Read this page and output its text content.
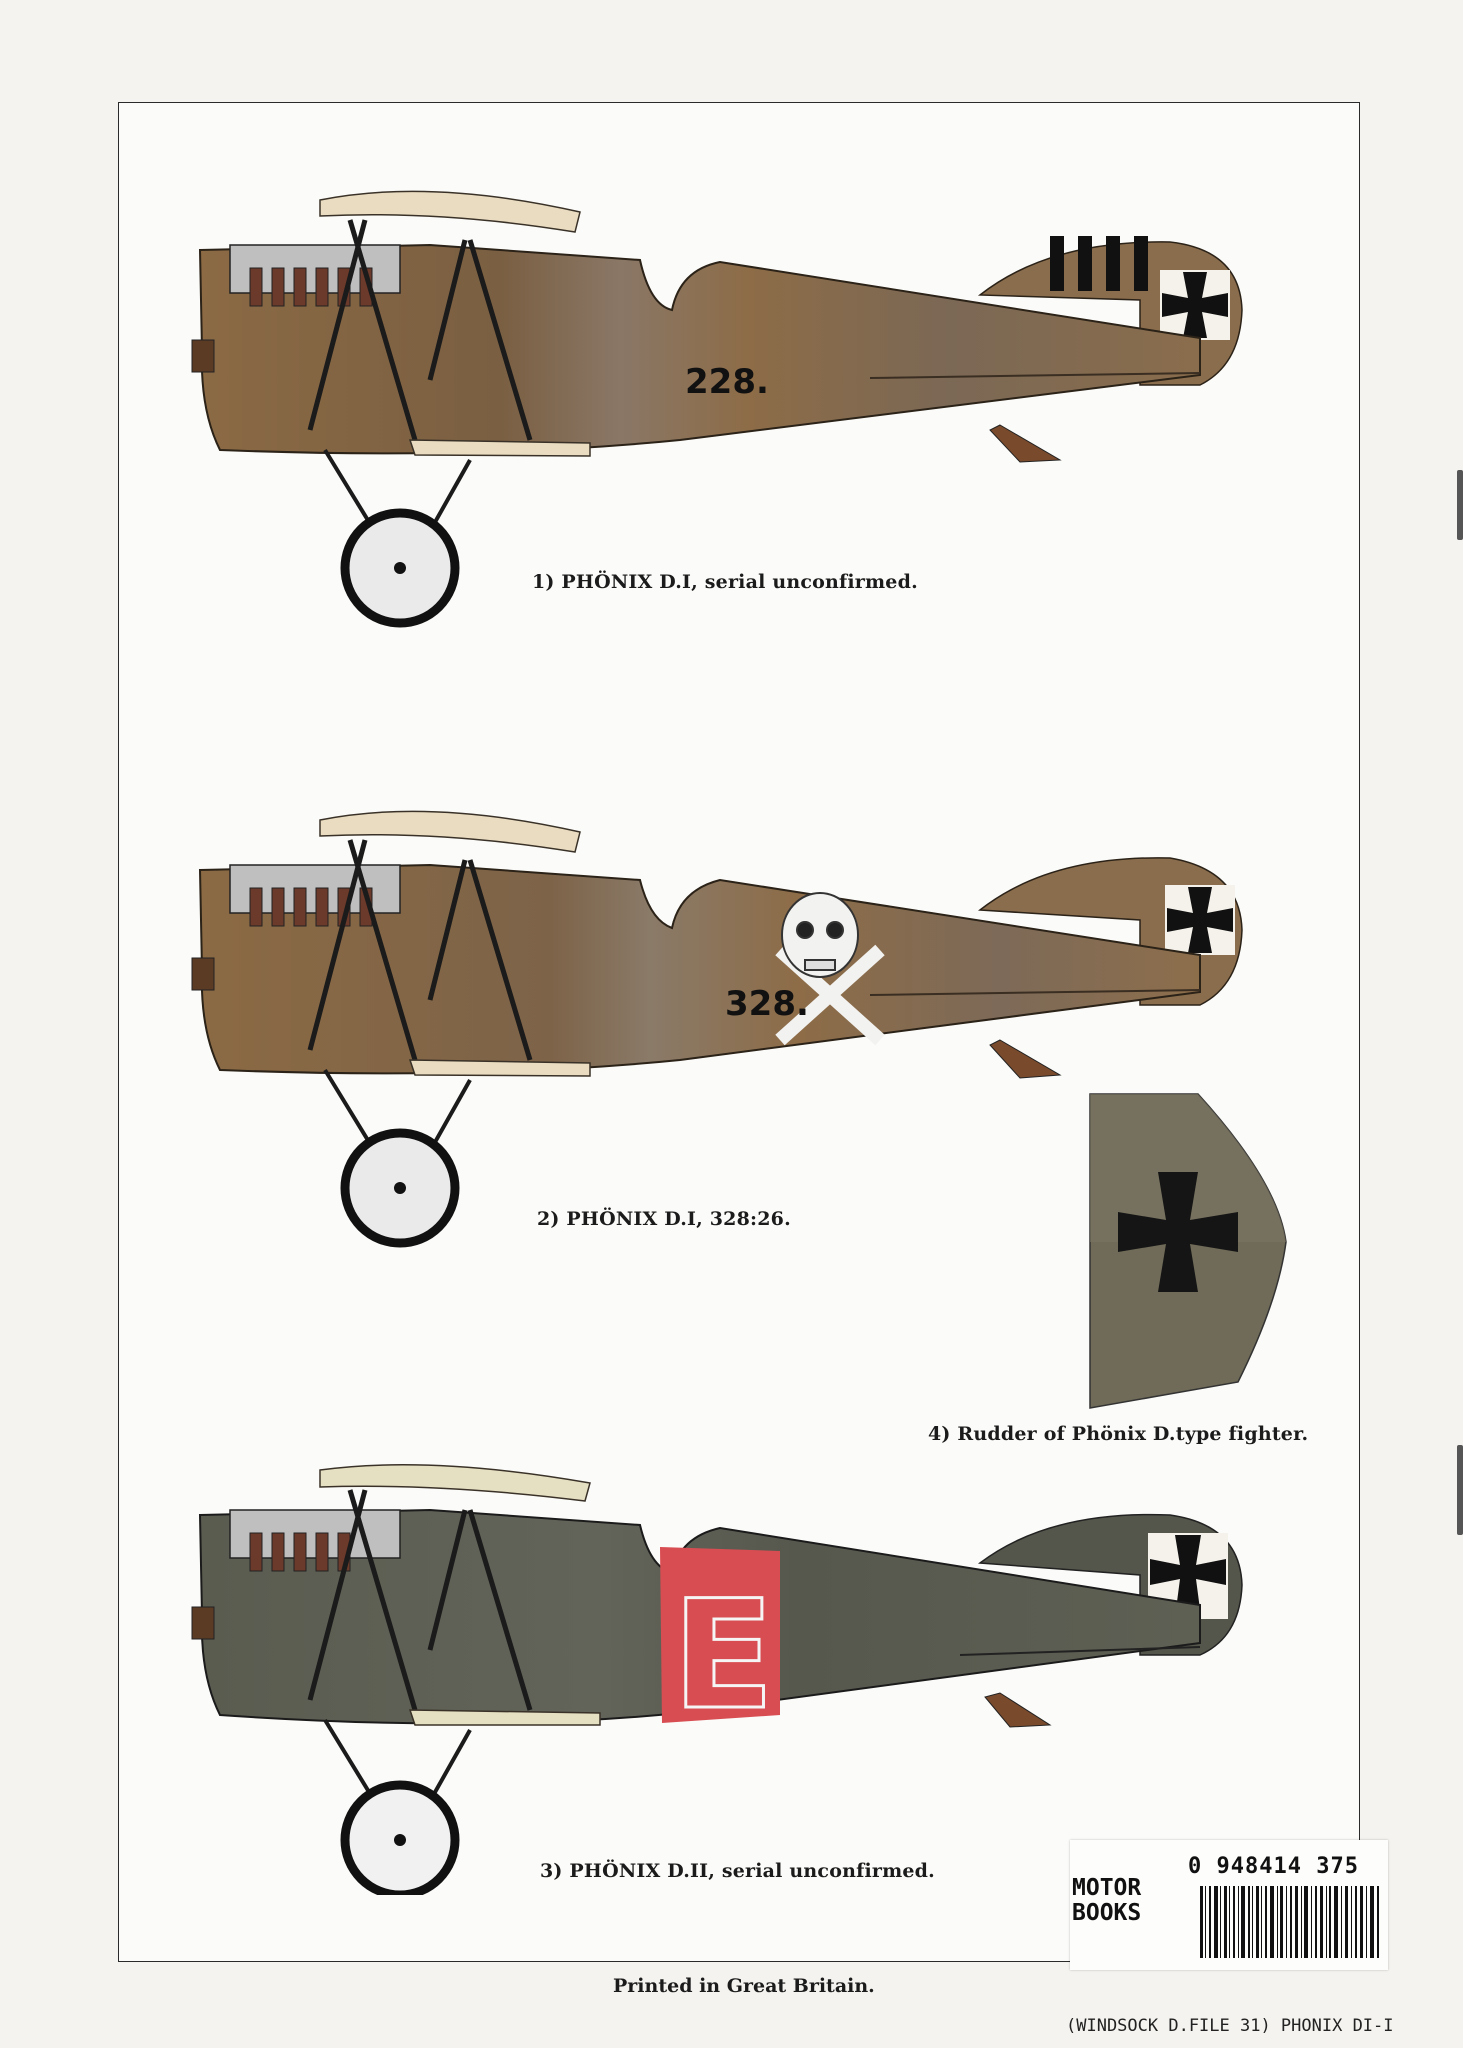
228.
1) PHÖNIX D.I, serial unconfirmed.
328.
2) PHÖNIX D.I, 328:26.
4) Rudder of Phönix D.type fighter.
E
3) PHÖNIX D.II, serial unconfirmed.
Printed in Great Britain.
0 948414 375
MOTOR
BOOKS
(WINDSOCK D.FILE 31) PHONIX DI-I
